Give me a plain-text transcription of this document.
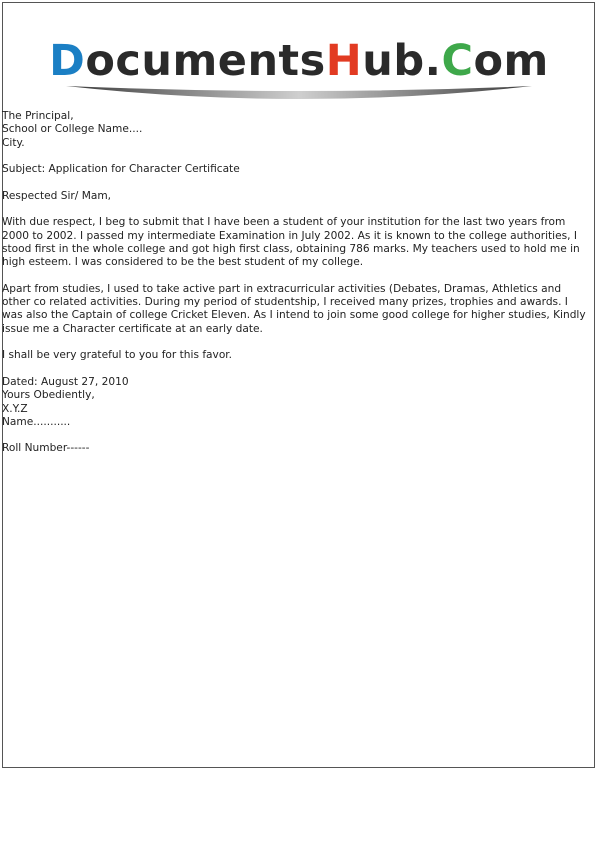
DocumentsHub.Com

The Principal,

School or College Name....

City.

Subject: Application for Character Certificate

Respected Sir/ Mam,

With due respect, I beg to submit that I have been a student of your institution for the last two years from 2000 to 2002. I passed my intermediate Examination in July 2002. As it is known to the college authorities, I stood first in the whole college and got high first class, obtaining 786 marks. My teachers used to hold me in high esteem. I was considered to be the best student of my college.

Apart from studies, I used to take active part in extracurricular activities (Debates, Dramas, Athletics and other co related activities. During my period of studentship, I received many prizes, trophies and awards. I was also the Captain of college Cricket Eleven. As I intend to join some good college for higher studies, Kindly issue me a Character certificate at an early date.

I shall be very grateful to you for this favor.

Dated: August 27, 2010

Yours Obediently,

X.Y.Z

Name...........

Roll Number------
